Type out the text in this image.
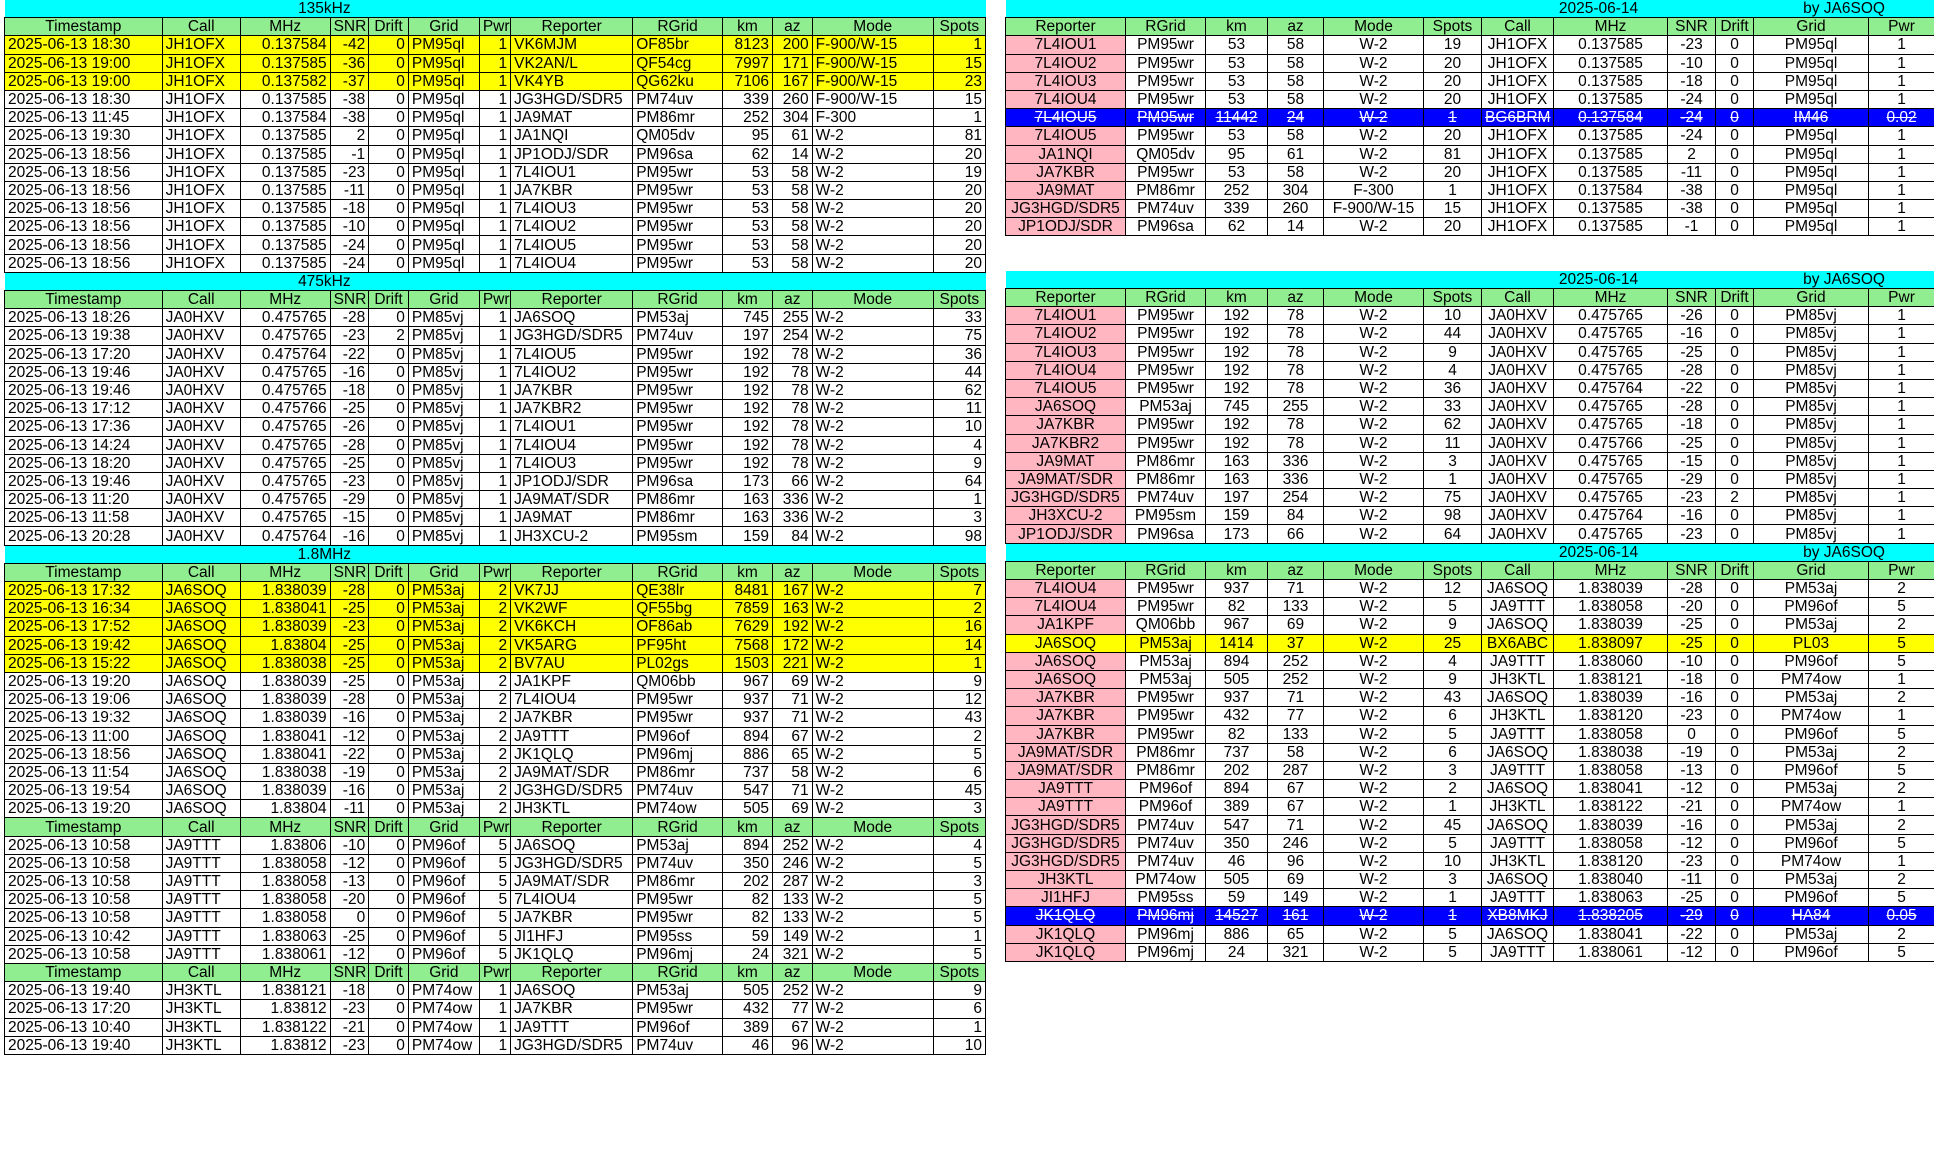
		135kHz										
Timestamp	Call	MHz	SNR	Drift	Grid	Pwr	Reporter	RGrid	km	az	Mode	Spots
2025-06-13 18:30	JH1OFX	0.137584	-42	0	PM95ql	1	VK6MJM	OF85br	8123	200	F-900/W-15	1
2025-06-13 19:00	JH1OFX	0.137585	-36	0	PM95ql	1	VK2AN/L	QF54cg	7997	171	F-900/W-15	15
2025-06-13 19:00	JH1OFX	0.137582	-37	0	PM95ql	1	VK4YB	QG62ku	7106	167	F-900/W-15	23
2025-06-13 18:30	JH1OFX	0.137585	-38	0	PM95ql	1	JG3HGD/SDR5	PM74uv	339	260	F-900/W-15	15
2025-06-13 11:45	JH1OFX	0.137584	-38	0	PM95ql	1	JA9MAT	PM86mr	252	304	F-300	1
2025-06-13 19:30	JH1OFX	0.137585	2	0	PM95ql	1	JA1NQI	QM05dv	95	61	W-2	81
2025-06-13 18:56	JH1OFX	0.137585	-1	0	PM95ql	1	JP1ODJ/SDR	PM96sa	62	14	W-2	20
2025-06-13 18:56	JH1OFX	0.137585	-23	0	PM95ql	1	7L4IOU1	PM95wr	53	58	W-2	19
2025-06-13 18:56	JH1OFX	0.137585	-11	0	PM95ql	1	JA7KBR	PM95wr	53	58	W-2	20
2025-06-13 18:56	JH1OFX	0.137585	-18	0	PM95ql	1	7L4IOU3	PM95wr	53	58	W-2	20
2025-06-13 18:56	JH1OFX	0.137585	-10	0	PM95ql	1	7L4IOU2	PM95wr	53	58	W-2	20
2025-06-13 18:56	JH1OFX	0.137585	-24	0	PM95ql	1	7L4IOU5	PM95wr	53	58	W-2	20
2025-06-13 18:56	JH1OFX	0.137585	-24	0	PM95ql	1	7L4IOU4	PM95wr	53	58	W-2	20
		475kHz										
Timestamp	Call	MHz	SNR	Drift	Grid	Pwr	Reporter	RGrid	km	az	Mode	Spots
2025-06-13 18:26	JA0HXV	0.475765	-28	0	PM85vj	1	JA6SOQ	PM53aj	745	255	W-2	33
2025-06-13 19:38	JA0HXV	0.475765	-23	2	PM85vj	1	JG3HGD/SDR5	PM74uv	197	254	W-2	75
2025-06-13 17:20	JA0HXV	0.475764	-22	0	PM85vj	1	7L4IOU5	PM95wr	192	78	W-2	36
2025-06-13 19:46	JA0HXV	0.475765	-16	0	PM85vj	1	7L4IOU2	PM95wr	192	78	W-2	44
2025-06-13 19:46	JA0HXV	0.475765	-18	0	PM85vj	1	JA7KBR	PM95wr	192	78	W-2	62
2025-06-13 17:12	JA0HXV	0.475766	-25	0	PM85vj	1	JA7KBR2	PM95wr	192	78	W-2	11
2025-06-13 17:36	JA0HXV	0.475765	-26	0	PM85vj	1	7L4IOU1	PM95wr	192	78	W-2	10
2025-06-13 14:24	JA0HXV	0.475765	-28	0	PM85vj	1	7L4IOU4	PM95wr	192	78	W-2	4
2025-06-13 18:20	JA0HXV	0.475765	-25	0	PM85vj	1	7L4IOU3	PM95wr	192	78	W-2	9
2025-06-13 19:46	JA0HXV	0.475765	-23	0	PM85vj	1	JP1ODJ/SDR	PM96sa	173	66	W-2	64
2025-06-13 11:20	JA0HXV	0.475765	-29	0	PM85vj	1	JA9MAT/SDR	PM86mr	163	336	W-2	1
2025-06-13 11:58	JA0HXV	0.475765	-15	0	PM85vj	1	JA9MAT	PM86mr	163	336	W-2	3
2025-06-13 20:28	JA0HXV	0.475764	-16	0	PM85vj	1	JH3XCU-2	PM95sm	159	84	W-2	98
		1.8MHz										
Timestamp	Call	MHz	SNR	Drift	Grid	Pwr	Reporter	RGrid	km	az	Mode	Spots
2025-06-13 17:32	JA6SOQ	1.838039	-28	0	PM53aj	2	VK7JJ	QE38lr	8481	167	W-2	7
2025-06-13 16:34	JA6SOQ	1.838041	-25	0	PM53aj	2	VK2WF	QF55bg	7859	163	W-2	2
2025-06-13 17:52	JA6SOQ	1.838039	-23	0	PM53aj	2	VK6KCH	OF86ab	7629	192	W-2	16
2025-06-13 19:42	JA6SOQ	1.83804	-25	0	PM53aj	2	VK5ARG	PF95ht	7568	172	W-2	14
2025-06-13 15:22	JA6SOQ	1.838038	-25	0	PM53aj	2	BV7AU	PL02gs	1503	221	W-2	1
2025-06-13 19:20	JA6SOQ	1.838039	-25	0	PM53aj	2	JA1KPF	QM06bb	967	69	W-2	9
2025-06-13 19:06	JA6SOQ	1.838039	-28	0	PM53aj	2	7L4IOU4	PM95wr	937	71	W-2	12
2025-06-13 19:32	JA6SOQ	1.838039	-16	0	PM53aj	2	JA7KBR	PM95wr	937	71	W-2	43
2025-06-13 11:00	JA6SOQ	1.838041	-12	0	PM53aj	2	JA9TTT	PM96of	894	67	W-2	2
2025-06-13 18:56	JA6SOQ	1.838041	-22	0	PM53aj	2	JK1QLQ	PM96mj	886	65	W-2	5
2025-06-13 11:54	JA6SOQ	1.838038	-19	0	PM53aj	2	JA9MAT/SDR	PM86mr	737	58	W-2	6
2025-06-13 19:54	JA6SOQ	1.838039	-16	0	PM53aj	2	JG3HGD/SDR5	PM74uv	547	71	W-2	45
2025-06-13 19:20	JA6SOQ	1.83804	-11	0	PM53aj	2	JH3KTL	PM74ow	505	69	W-2	3
Timestamp	Call	MHz	SNR	Drift	Grid	Pwr	Reporter	RGrid	km	az	Mode	Spots
2025-06-13 10:58	JA9TTT	1.83806	-10	0	PM96of	5	JA6SOQ	PM53aj	894	252	W-2	4
2025-06-13 10:58	JA9TTT	1.838058	-12	0	PM96of	5	JG3HGD/SDR5	PM74uv	350	246	W-2	5
2025-06-13 10:58	JA9TTT	1.838058	-13	0	PM96of	5	JA9MAT/SDR	PM86mr	202	287	W-2	3
2025-06-13 10:58	JA9TTT	1.838058	-20	0	PM96of	5	7L4IOU4	PM95wr	82	133	W-2	5
2025-06-13 10:58	JA9TTT	1.838058	0	0	PM96of	5	JA7KBR	PM95wr	82	133	W-2	5
2025-06-13 10:42	JA9TTT	1.838063	-25	0	PM96of	5	JI1HFJ	PM95ss	59	149	W-2	1
2025-06-13 10:58	JA9TTT	1.838061	-12	0	PM96of	5	JK1QLQ	PM96mj	24	321	W-2	5
Timestamp	Call	MHz	SNR	Drift	Grid	Pwr	Reporter	RGrid	km	az	Mode	Spots
2025-06-13 19:40	JH3KTL	1.838121	-18	0	PM74ow	1	JA6SOQ	PM53aj	505	252	W-2	9
2025-06-13 17:20	JH3KTL	1.83812	-23	0	PM74ow	1	JA7KBR	PM95wr	432	77	W-2	6
2025-06-13 10:40	JH3KTL	1.838122	-21	0	PM74ow	1	JA9TTT	PM96of	389	67	W-2	1
2025-06-13 19:40	JH3KTL	1.83812	-23	0	PM74ow	1	JG3HGD/SDR5	PM74uv	46	96	W-2	10
						2025-06-14				by JA6SOQ	
Reporter	RGrid	km	az	Mode	Spots	Call	MHz	SNR	Drift	Grid	Pwr
7L4IOU1	PM95wr	53	58	W-2	19	JH1OFX	0.137585	-23	0	PM95ql	1
7L4IOU2	PM95wr	53	58	W-2	20	JH1OFX	0.137585	-10	0	PM95ql	1
7L4IOU3	PM95wr	53	58	W-2	20	JH1OFX	0.137585	-18	0	PM95ql	1
7L4IOU4	PM95wr	53	58	W-2	20	JH1OFX	0.137585	-24	0	PM95ql	1
7L4IOU5	PM95wr	11442	24	W-2	1	BG6BRM	0.137584	-24	0	IM46	0.02
7L4IOU5	PM95wr	53	58	W-2	20	JH1OFX	0.137585	-24	0	PM95ql	1
JA1NQI	QM05dv	95	61	W-2	81	JH1OFX	0.137585	2	0	PM95ql	1
JA7KBR	PM95wr	53	58	W-2	20	JH1OFX	0.137585	-11	0	PM95ql	1
JA9MAT	PM86mr	252	304	F-300	1	JH1OFX	0.137584	-38	0	PM95ql	1
JG3HGD/SDR5	PM74uv	339	260	F-900/W-15	15	JH1OFX	0.137585	-38	0	PM95ql	1
JP1ODJ/SDR	PM96sa	62	14	W-2	20	JH1OFX	0.137585	-1	0	PM95ql	1

						2025-06-14				by JA6SOQ	
Reporter	RGrid	km	az	Mode	Spots	Call	MHz	SNR	Drift	Grid	Pwr
7L4IOU1	PM95wr	192	78	W-2	10	JA0HXV	0.475765	-26	0	PM85vj	1
7L4IOU2	PM95wr	192	78	W-2	44	JA0HXV	0.475765	-16	0	PM85vj	1
7L4IOU3	PM95wr	192	78	W-2	9	JA0HXV	0.475765	-25	0	PM85vj	1
7L4IOU4	PM95wr	192	78	W-2	4	JA0HXV	0.475765	-28	0	PM85vj	1
7L4IOU5	PM95wr	192	78	W-2	36	JA0HXV	0.475764	-22	0	PM85vj	1
JA6SOQ	PM53aj	745	255	W-2	33	JA0HXV	0.475765	-28	0	PM85vj	1
JA7KBR	PM95wr	192	78	W-2	62	JA0HXV	0.475765	-18	0	PM85vj	1
JA7KBR2	PM95wr	192	78	W-2	11	JA0HXV	0.475766	-25	0	PM85vj	1
JA9MAT	PM86mr	163	336	W-2	3	JA0HXV	0.475765	-15	0	PM85vj	1
JA9MAT/SDR	PM86mr	163	336	W-2	1	JA0HXV	0.475765	-29	0	PM85vj	1
JG3HGD/SDR5	PM74uv	197	254	W-2	75	JA0HXV	0.475765	-23	2	PM85vj	1
JH3XCU-2	PM95sm	159	84	W-2	98	JA0HXV	0.475764	-16	0	PM85vj	1
JP1ODJ/SDR	PM96sa	173	66	W-2	64	JA0HXV	0.475765	-23	0	PM85vj	1
						2025-06-14				by JA6SOQ	
Reporter	RGrid	km	az	Mode	Spots	Call	MHz	SNR	Drift	Grid	Pwr
7L4IOU4	PM95wr	937	71	W-2	12	JA6SOQ	1.838039	-28	0	PM53aj	2
7L4IOU4	PM95wr	82	133	W-2	5	JA9TTT	1.838058	-20	0	PM96of	5
JA1KPF	QM06bb	967	69	W-2	9	JA6SOQ	1.838039	-25	0	PM53aj	2
JA6SOQ	PM53aj	1414	37	W-2	25	BX6ABC	1.838097	-25	0	PL03	5
JA6SOQ	PM53aj	894	252	W-2	4	JA9TTT	1.838060	-10	0	PM96of	5
JA6SOQ	PM53aj	505	252	W-2	9	JH3KTL	1.838121	-18	0	PM74ow	1
JA7KBR	PM95wr	937	71	W-2	43	JA6SOQ	1.838039	-16	0	PM53aj	2
JA7KBR	PM95wr	432	77	W-2	6	JH3KTL	1.838120	-23	0	PM74ow	1
JA7KBR	PM95wr	82	133	W-2	5	JA9TTT	1.838058	0	0	PM96of	5
JA9MAT/SDR	PM86mr	737	58	W-2	6	JA6SOQ	1.838038	-19	0	PM53aj	2
JA9MAT/SDR	PM86mr	202	287	W-2	3	JA9TTT	1.838058	-13	0	PM96of	5
JA9TTT	PM96of	894	67	W-2	2	JA6SOQ	1.838041	-12	0	PM53aj	2
JA9TTT	PM96of	389	67	W-2	1	JH3KTL	1.838122	-21	0	PM74ow	1
JG3HGD/SDR5	PM74uv	547	71	W-2	45	JA6SOQ	1.838039	-16	0	PM53aj	2
JG3HGD/SDR5	PM74uv	350	246	W-2	5	JA9TTT	1.838058	-12	0	PM96of	5
JG3HGD/SDR5	PM74uv	46	96	W-2	10	JH3KTL	1.838120	-23	0	PM74ow	1
JH3KTL	PM74ow	505	69	W-2	3	JA6SOQ	1.838040	-11	0	PM53aj	2
JI1HFJ	PM95ss	59	149	W-2	1	JA9TTT	1.838063	-25	0	PM96of	5
JK1QLQ	PM96mj	14527	161	W-2	1	XB8MKJ	1.838205	-29	0	HA84	0.05
JK1QLQ	PM96mj	886	65	W-2	5	JA6SOQ	1.838041	-22	0	PM53aj	2
JK1QLQ	PM96mj	24	321	W-2	5	JA9TTT	1.838061	-12	0	PM96of	5
